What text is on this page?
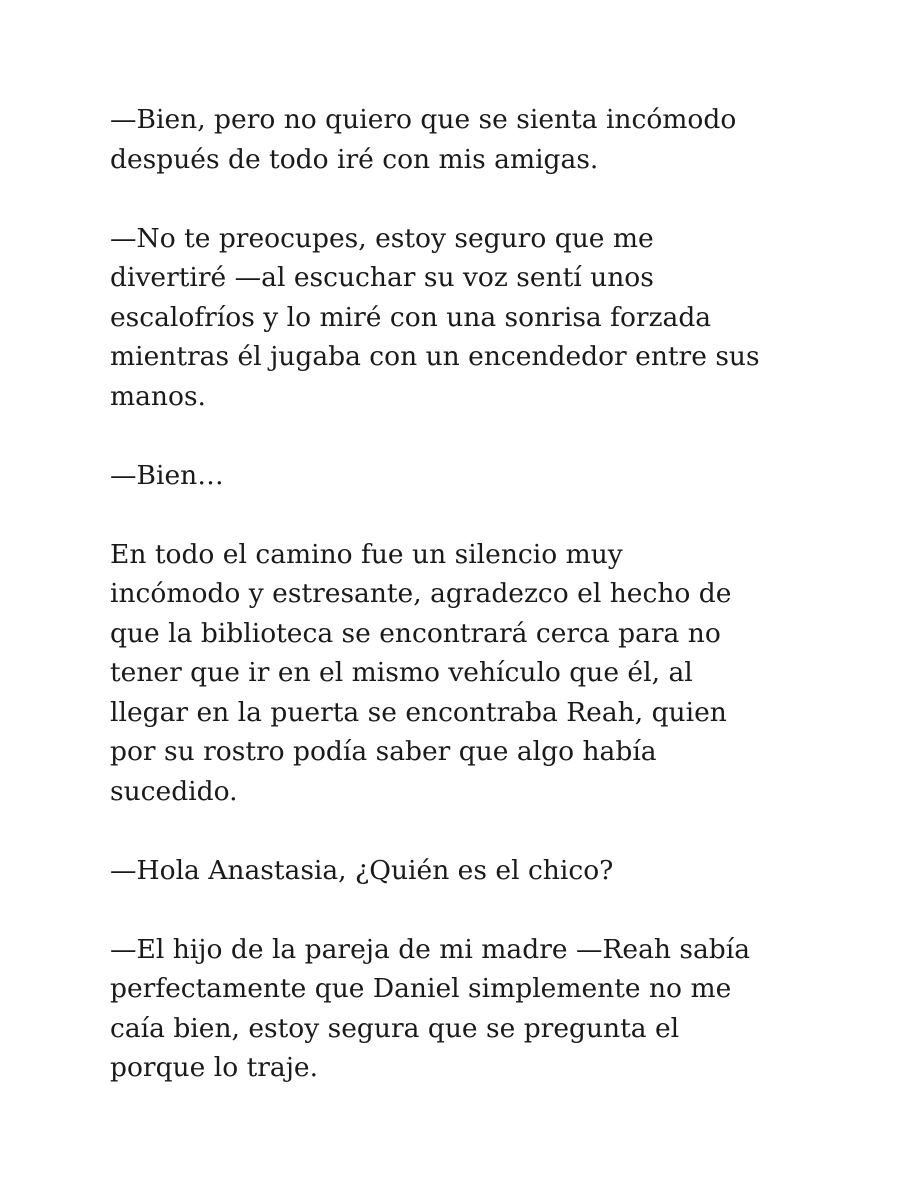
—Bien, pero no quiero que se sienta incómodo
después de todo iré con mis amigas.

—No te preocupes, estoy seguro que me
divertiré —al escuchar su voz sentí unos
escalofríos y lo miré con una sonrisa forzada
mientras él jugaba con un encendedor entre sus
manos.

—Bien…

En todo el camino fue un silencio muy
incómodo y estresante, agradezco el hecho de
que la biblioteca se encontrará cerca para no
tener que ir en el mismo vehículo que él, al
llegar en la puerta se encontraba Reah, quien
por su rostro podía saber que algo había
sucedido.

—Hola Anastasia, ¿Quién es el chico?

—El hijo de la pareja de mi madre —Reah sabía
perfectamente que Daniel simplemente no me
caía bien, estoy segura que se pregunta el
porque lo traje.
